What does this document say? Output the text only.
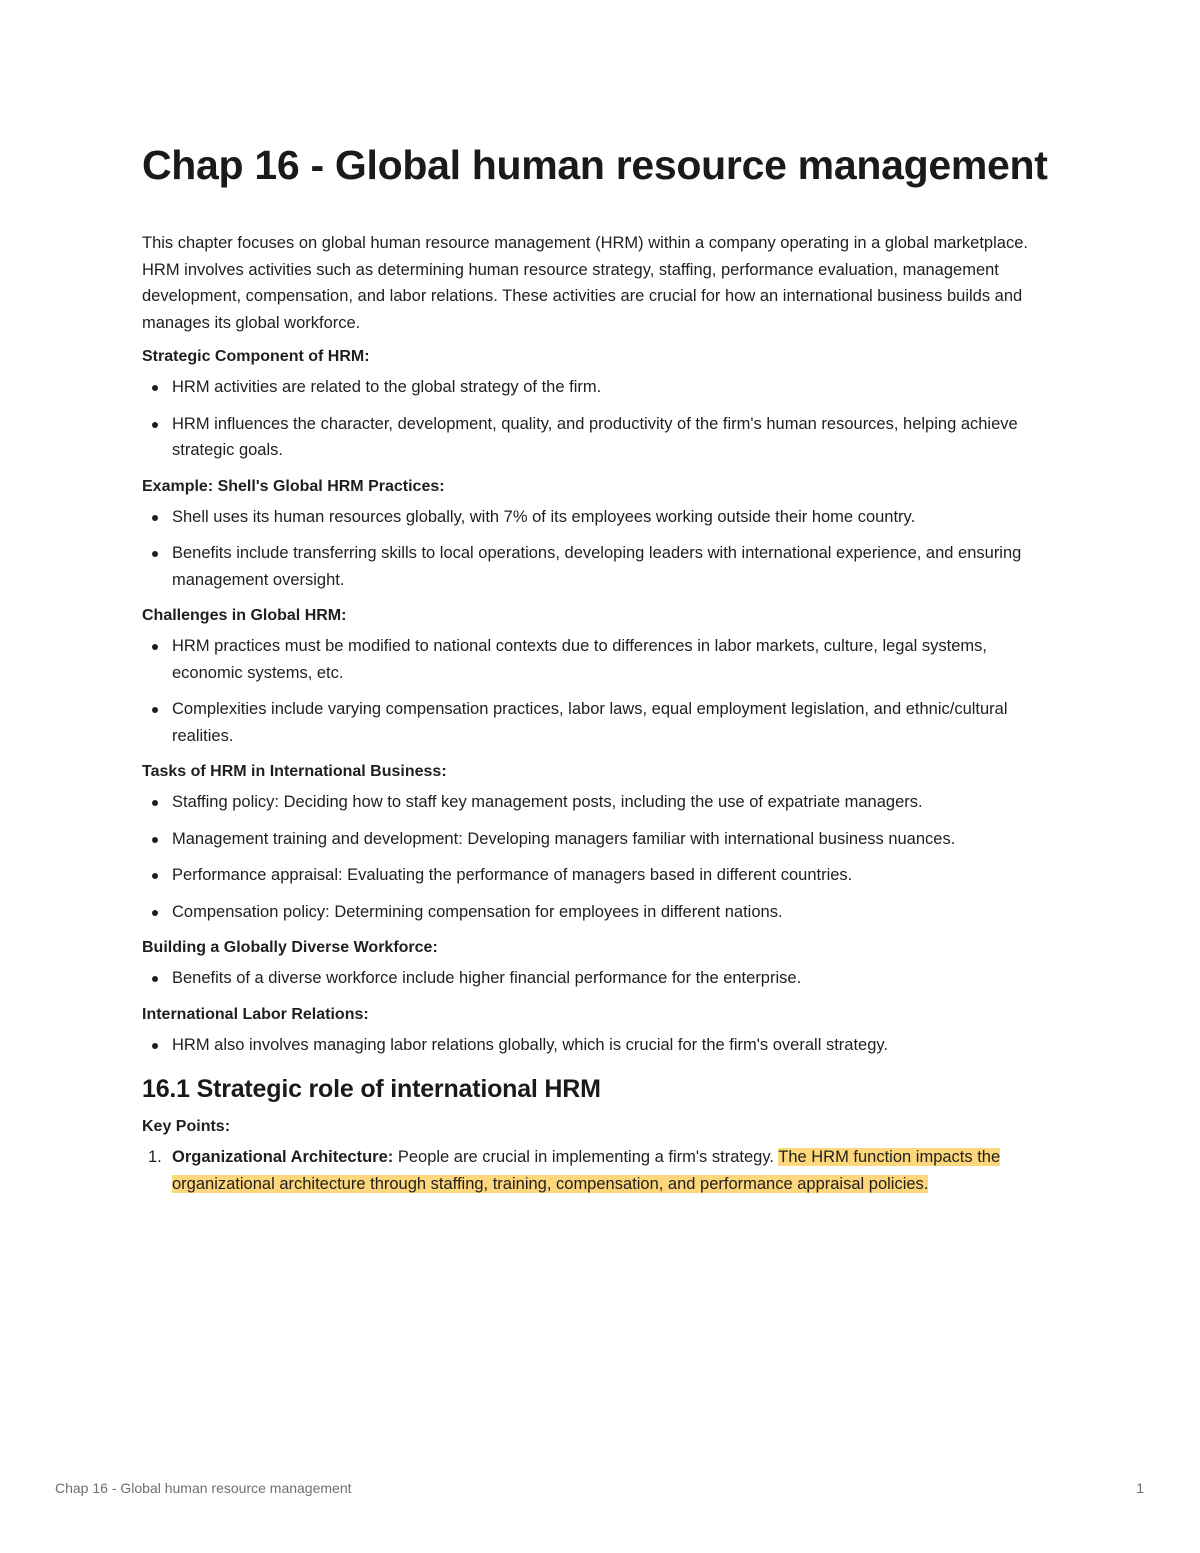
Chap 16 - Global human resource management

This chapter focuses on global human resource management (HRM) within a company operating in a global marketplace. HRM involves activities such as determining human resource strategy, staffing, performance evaluation, management development, compensation, and labor relations. These activities are crucial for how an international business builds and manages its global workforce.

Strategic Component of HRM:

HRM activities are related to the global strategy of the firm.
HRM influences the character, development, quality, and productivity of the firm's human resources, helping achieve strategic goals.

Example: Shell's Global HRM Practices:

Shell uses its human resources globally, with 7% of its employees working outside their home country.
Benefits include transferring skills to local operations, developing leaders with international experience, and ensuring management oversight.

Challenges in Global HRM:

HRM practices must be modified to national contexts due to differences in labor markets, culture, legal systems, economic systems, etc.
Complexities include varying compensation practices, labor laws, equal employment legislation, and ethnic/cultural realities.

Tasks of HRM in International Business:

Staffing policy: Deciding how to staff key management posts, including the use of expatriate managers.
Management training and development: Developing managers familiar with international business nuances.
Performance appraisal: Evaluating the performance of managers based in different countries.
Compensation policy: Determining compensation for employees in different nations.

Building a Globally Diverse Workforce:

Benefits of a diverse workforce include higher financial performance for the enterprise.

International Labor Relations:

HRM also involves managing labor relations globally, which is crucial for the firm's overall strategy.
16.1 Strategic role of international HRM

Key Points:

1. Organizational Architecture: People are crucial in implementing a firm's strategy. The HRM function impacts the organizational architecture through staffing, training, compensation, and performance appraisal policies.
Chap 16 - Global human resource management	1
